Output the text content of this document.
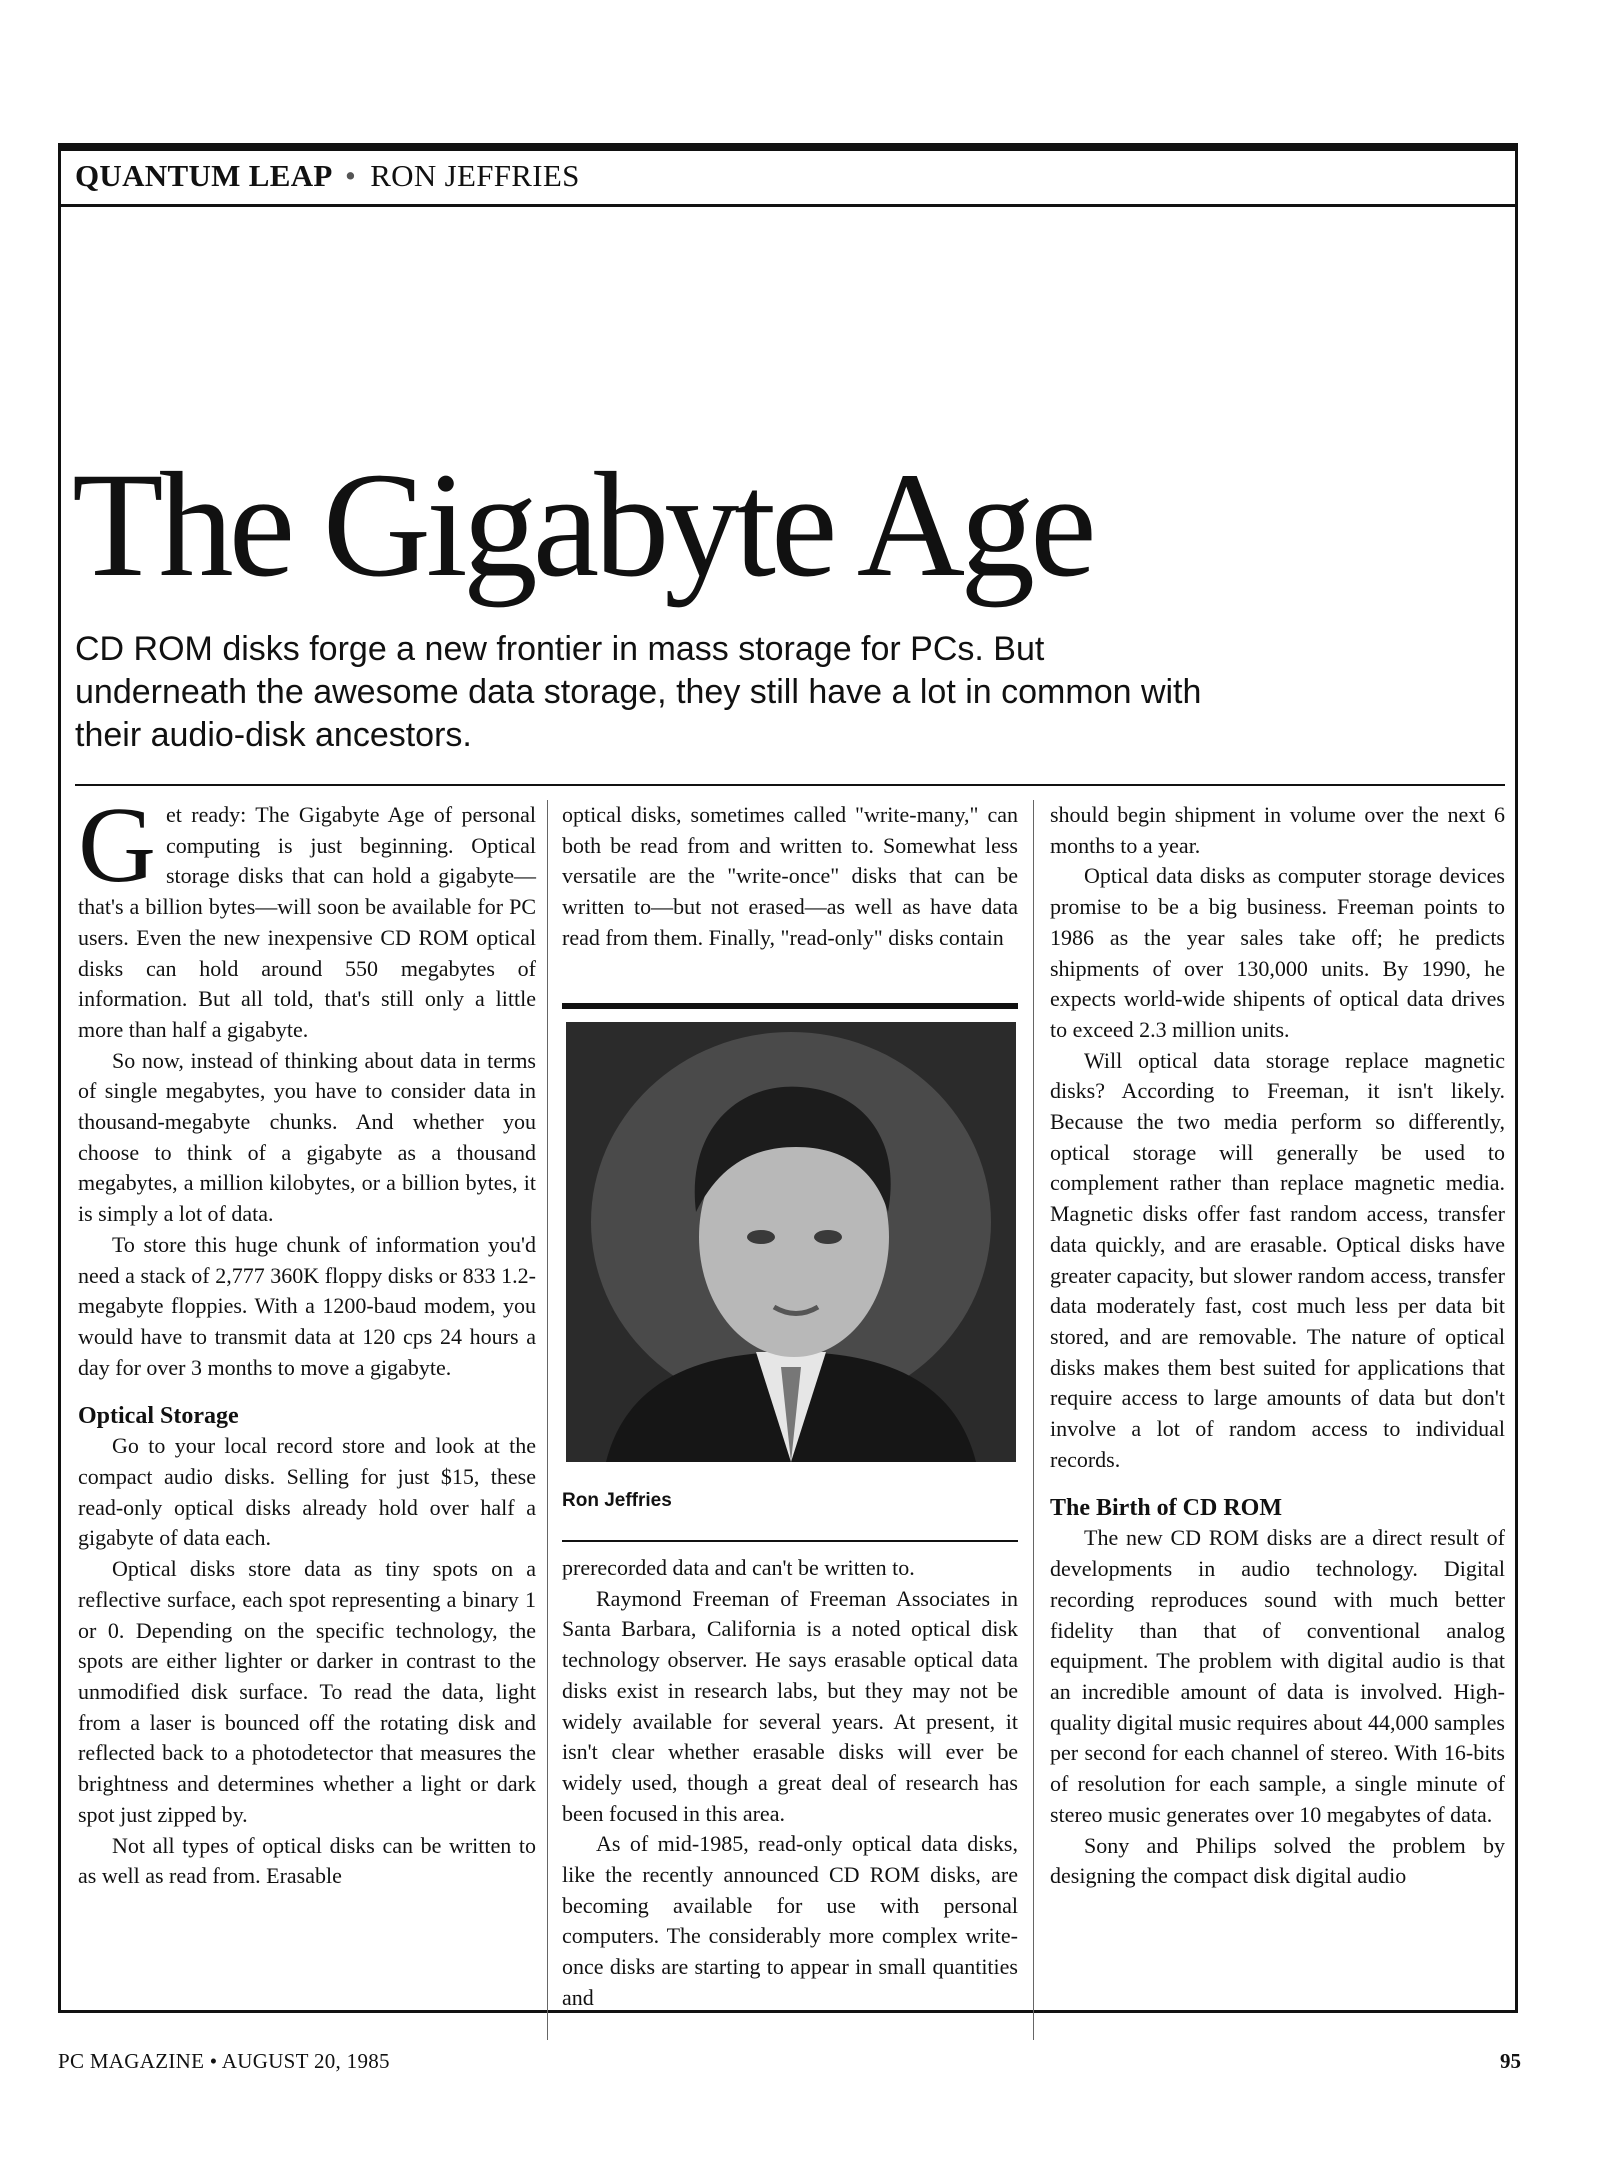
QUANTUM LEAP • RON JEFFRIES
The Gigabyte Age
CD ROM disks forge a new frontier in mass storage for PCs. But underneath the awesome data storage, they still have a lot in common with their audio-disk ancestors.

Get ready: The Gigabyte Age of personal computing is just beginning. Optical storage disks that can hold a gigabyte—that's a billion bytes—will soon be available for PC users. Even the new inexpensive CD ROM optical disks can hold around 550 megabytes of information. But all told, that's still only a little more than half a gigabyte.

So now, instead of thinking about data in terms of single megabytes, you have to consider data in thousand-megabyte chunks. And whether you choose to think of a gigabyte as a thousand megabytes, a million kilobytes, or a billion bytes, it is simply a lot of data.

To store this huge chunk of information you'd need a stack of 2,777 360K floppy disks or 833 1.2-megabyte floppies. With a 1200-baud modem, you would have to transmit data at 120 cps 24 hours a day for over 3 months to move a gigabyte.

Optical Storage

Go to your local record store and look at the compact audio disks. Selling for just $15, these read-only optical disks already hold over half a gigabyte of data each.

Optical disks store data as tiny spots on a reflective surface, each spot representing a binary 1 or 0. Depending on the specific technology, the spots are either lighter or darker in contrast to the unmodified disk surface. To read the data, light from a laser is bounced off the rotating disk and reflected back to a photodetector that measures the brightness and determines whether a light or dark spot just zipped by.

Not all types of optical disks can be written to as well as read from. Erasable

optical disks, sometimes called "write-many," can both be read from and written to. Somewhat less versatile are the "write-once" disks that can be written to—but not erased—as well as have data read from them. Finally, "read-only" disks contain

prerecorded data and can't be written to.

Raymond Freeman of Freeman Associates in Santa Barbara, California is a noted optical disk technology observer. He says erasable optical data disks exist in research labs, but they may not be widely available for several years. At present, it isn't clear whether erasable disks will ever be widely used, though a great deal of research has been focused in this area.

As of mid-1985, read-only optical data disks, like the recently announced CD ROM disks, are becoming available for use with personal computers. The considerably more complex write-once disks are starting to appear in small quantities and

Ron Jeffries

should begin shipment in volume over the next 6 months to a year.

Optical data disks as computer storage devices promise to be a big business. Freeman points to 1986 as the year sales take off; he predicts shipments of over 130,000 units. By 1990, he expects world-wide shipents of optical data drives to exceed 2.3 million units.

Will optical data storage replace magnetic disks? According to Freeman, it isn't likely. Because the two media perform so differently, optical storage will generally be used to complement rather than replace magnetic media. Magnetic disks offer fast random access, transfer data quickly, and are erasable. Optical disks have greater capacity, but slower random access, transfer data moderately fast, cost much less per data bit stored, and are removable. The nature of optical disks makes them best suited for applications that require access to large amounts of data but don't involve a lot of random access to individual records.

The Birth of CD ROM

The new CD ROM disks are a direct result of developments in audio technology. Digital recording reproduces sound with much better fidelity than that of conventional analog equipment. The problem with digital audio is that an incredible amount of data is involved. High-quality digital music requires about 44,000 samples per second for each channel of stereo. With 16-bits of resolution for each sample, a single minute of stereo music generates over 10 megabytes of data.

Sony and Philips solved the problem by designing the compact disk digital audio

PC MAGAZINE • AUGUST 20, 1985	95
